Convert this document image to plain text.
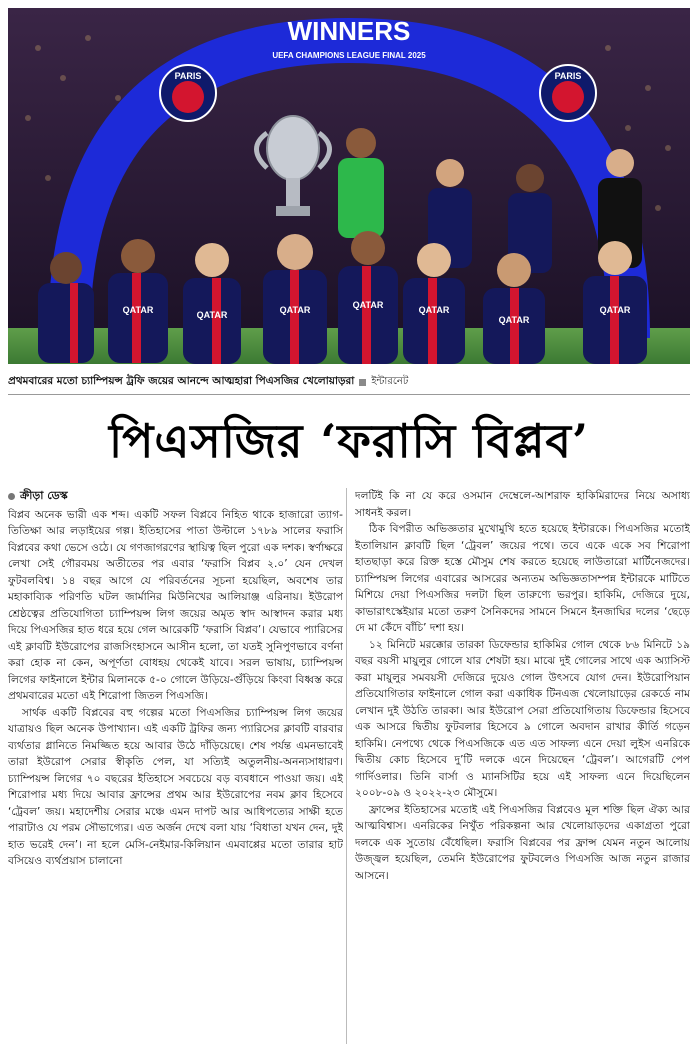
WINNERS
UEFA CHAMPIONS LEAGUE FINAL 2025
PARIS	PARIS
QATAR	QATAR	QATAR	QATAR	QATAR
QATAR
QATAR
প্রথমবারের মতো চ্যাম্পিয়ন্স ট্রফি জয়ের আনন্দে আত্মহারা পিএসজির খেলোয়াড়রা ইন্টারনেট
পিএসজির ‘ফরাসি বিপ্লব’
ক্রীড়া ডেস্ক

বিপ্লব অনেক ভারী এক শব্দ। একটি সফল বিপ্লবে নিহিত থাকে হাজারো ত্যাগ-তিতিক্ষা আর লড়াইয়ের গল্প। ইতিহাসের পাতা উল্টালে ১৭৮৯ সালের ফরাসি বিপ্লবের কথা ভেসে ওঠে। যে গণজাগরণের স্থায়িত্ব ছিল পুরো এক দশক। স্বর্ণাক্ষরে লেখা সেই গৌরবময় অতীতের পর এবার ‘ফরাসি বিপ্লব ২.০’ যেন দেখল ফুটবলবিশ্ব। ১৪ বছর আগে যে পরিবর্তনের সূচনা হয়েছিল, অবশেষ তার মহাকাব্যিক পরিণতি ঘটল জার্মানির মিউনিখের আলিয়াঞ্জ এরিনায়। ইউরোপ শ্রেষ্ঠত্বের প্রতিযোগিতা চ্যাম্পিয়ন্স লিগ জয়ের অমৃত স্বাদ আস্বাদন করার মধ্য দিয়ে পিএসজির হাত ধরে হয়ে গেল আরেকটি ‘ফরাসি বিপ্লব’। যেভাবে প্যারিসের এই ক্লাবটি ইউরোপের রাজসিংহাসনে আসীন হলো, তা যতই সুনিপুণভাবে বর্ণনা করা হোক না কেন, অপূর্ণতা বোধহয় থেকেই যাবে। সরল ভাষায়, চ্যাম্পিয়ন্স লিগের ফাইনালে ইন্টার মিলানকে ৫-০ গোলে উড়িয়ে-গুঁড়িয়ে কিংবা বিধ্বস্ত করে প্রথমবারের মতো এই শিরোপা জিতল পিএসজি।

সার্থক একটি বিপ্লবের বহু গল্পের মতো পিএসজির চ্যাম্পিয়ন্স লিগ জয়ের যাত্রায়ও ছিল অনেক উপাখ্যান। এই একটি ট্রফির জন্য প্যারিসের ক্লাবটি বারবার ব্যর্থতার গ্লানিতে নিমজ্জিত হয়ে আবার উঠে দাঁড়িয়েছে। শেষ পর্যন্ত এমনভাবেই তারা ইউরোপ সেরার স্বীকৃতি পেল, যা সত্যিই অতুলনীয়-অনন্যসাধারণ। চ্যাম্পিয়ন্স লিগের ৭০ বছরের ইতিহাসে সবচেয়ে বড় ব্যবধানে পাওয়া জয়। এই শিরোপার মধ্য দিয়ে আবার ফ্রান্সের প্রথম আর ইউরোপের নবম ক্লাব হিসেবে ‘ট্রেবল’ জয়। মহাদেশীয় সেরার মঞ্চে এমন দাপট আর আধিপত্যের সাক্ষী হতে পারাটাও যে পরম সৌভাগ্যের। এত অর্জন দেখে বলা যায় ‘বিধাতা যখন দেন, দুই হাত ভরেই দেন’। না হলে মেসি-নেইমার-কিলিয়ান এমবাপ্পের মতো তারার হাট বসিয়েও ব্যর্থপ্রয়াস চালানো

দলটিই কি না যে করে ওসমান দেম্বেলে-আশরাফ হাকিমিরাদের নিয়ে অসাধ্য সাধনই করল।

ঠিক বিপরীত অভিজ্ঞতার মুখোমুখি হতে হয়েছে ইন্টারকে। পিএসজির মতোই ইতালিয়ান ক্লাবটি ছিল ‘ট্রেবল’ জয়ের পথে। তবে একে একে সব শিরোপা হাতছাড়া করে রিক্ত হস্তে মৌসুম শেষ করতে হয়েছে লাউতারো মার্টিনেজদের। চ্যাম্পিয়ন্স লিগের এবারের আসরের অন্যতম অভিজ্ঞতাসম্পন্ন ইন্টারকে মাটিতে মিশিয়ে দেয়া পিএসজির দলটা ছিল তারুণ্যে ভরপুর। হাকিমি, দেজিরে দুয়ে, কাভারাৎস্কেইয়ার মতো তরুণ সৈনিকদের সামনে সিমনে ইনজাঘির দলের ‘ছেড়ে দে মা কেঁদে বাঁচি’ দশা হয়।

১২ মিনিটে মরক্কোর তারকা ডিফেন্ডার হাকিমির গোল থেকে ৮৬ মিনিটে ১৯ বছর বয়সী মায়ুলুর গোলে যার শেষটা হয়। মাঝে দুই গোলের সাথে এক অ্যাসিস্ট করা মায়ুলুর সমবয়সী দেজিরে দুয়েও গোল উৎসবে যোগ দেন। ইউরোপিয়ান প্রতিযোগিতার ফাইনালে গোল করা একাধিক টিনএজ খেলোয়াড়ের রেকর্ডে নাম লেখান দুই উঠতি তারকা। আর ইউরোপ সেরা প্রতিযোগিতায় ডিফেন্ডার হিসেবে এক আসরে দ্বিতীয় ফুটবলার হিসেবে ৯ গোলে অবদান রাখার কীর্তি গড়েন হাকিমি। নেপথ্যে থেকে পিএসজিকে এত এত সাফল্য এনে দেয়া লুইস এনরিকে দ্বিতীয় কোচ হিসেবে দু’টি দলকে এনে দিয়েছেন ‘ট্রেবল’। আগেরটি পেপ গার্দিওলার। তিনি বার্সা ও ম্যানসিটির হয়ে এই সাফল্য এনে দিয়েছিলেন ২০০৮-০৯ ও ২০২২-২৩ মৌসুমে।

ফ্রান্সের ইতিহাসের মতোই এই পিএসজির বিপ্লবেও মূল শক্তি ছিল ঐক্য আর আত্মবিশ্বাস। এনরিকের নিখুঁত পরিকল্পনা আর খেলোয়াড়দের একাগ্রতা পুরো দলকে এক সুতোয় বেঁধেছিল। ফরাসি বিপ্লবের পর ফ্রান্স যেমন নতুন আলোয় উজ্জ্বল হয়েছিল, তেমনি ইউরোপের ফুটবলেও পিএসজি আজ নতুন রাজার আসনে।
